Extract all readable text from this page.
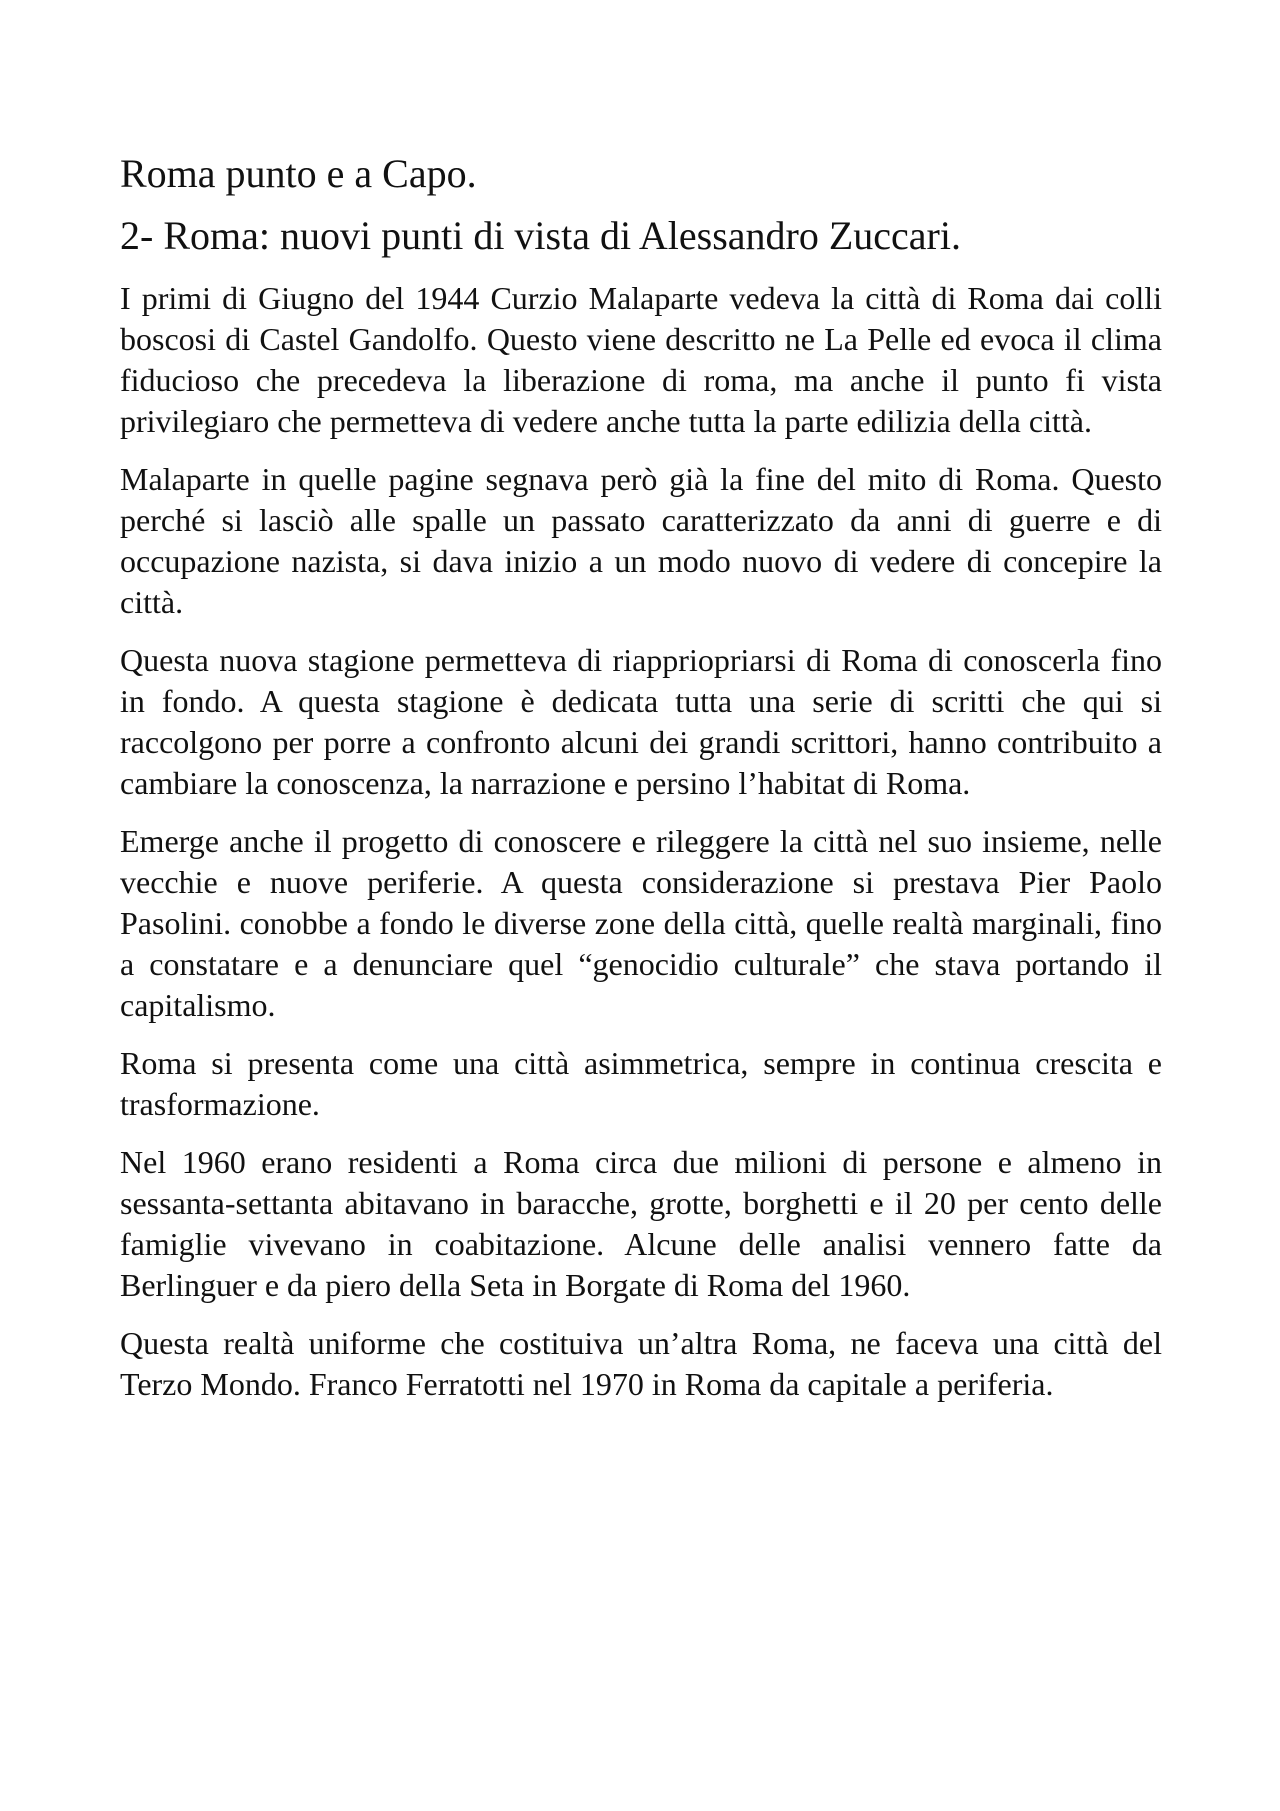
Roma punto e a Capo.
2- Roma: nuovi punti di vista di Alessandro Zuccari.

I primi di Giugno del 1944 Curzio Malaparte vedeva la città di Roma dai colli boscosi di Castel Gandolfo. Questo viene descritto ne La Pelle ed evoca il clima fiducioso che precedeva la liberazione di roma, ma anche il punto fi vista privilegiaro che permetteva di vedere anche tutta la parte edilizia della città.

Malaparte in quelle pagine segnava però già la fine del mito di Roma. Questo perché si lasciò alle spalle un passato caratterizzato da anni di guerre e di occupazione nazista, si dava inizio a un modo nuovo di vedere di concepire la città.

Questa nuova stagione permetteva di riappriopriarsi di Roma di conoscerla fino in fondo. A questa stagione è dedicata tutta una serie di scritti che qui si raccolgono per porre a confronto alcuni dei grandi scrittori, hanno contribuito a cambiare la conoscenza, la narrazione e persino l’habitat di Roma.

Emerge anche il progetto di conoscere e rileggere la città nel suo insieme, nelle vecchie e nuove periferie. A questa considerazione si prestava Pier Paolo Pasolini. conobbe a fondo le diverse zone della città, quelle realtà marginali, fino a constatare e a denunciare quel “genocidio culturale” che stava portando il capitalismo.

Roma si presenta come una città asimmetrica, sempre in continua crescita e trasformazione.

Nel 1960 erano residenti a Roma circa due milioni di persone e almeno in sessanta-settanta abitavano in baracche, grotte, borghetti e il 20 per cento delle famiglie vivevano in coabitazione. Alcune delle analisi vennero fatte da Berlinguer e da piero della Seta in Borgate di Roma del 1960.

Questa realtà uniforme che costituiva un’altra Roma, ne faceva una città del Terzo Mondo. Franco Ferratotti nel 1970 in Roma da capitale a periferia.
